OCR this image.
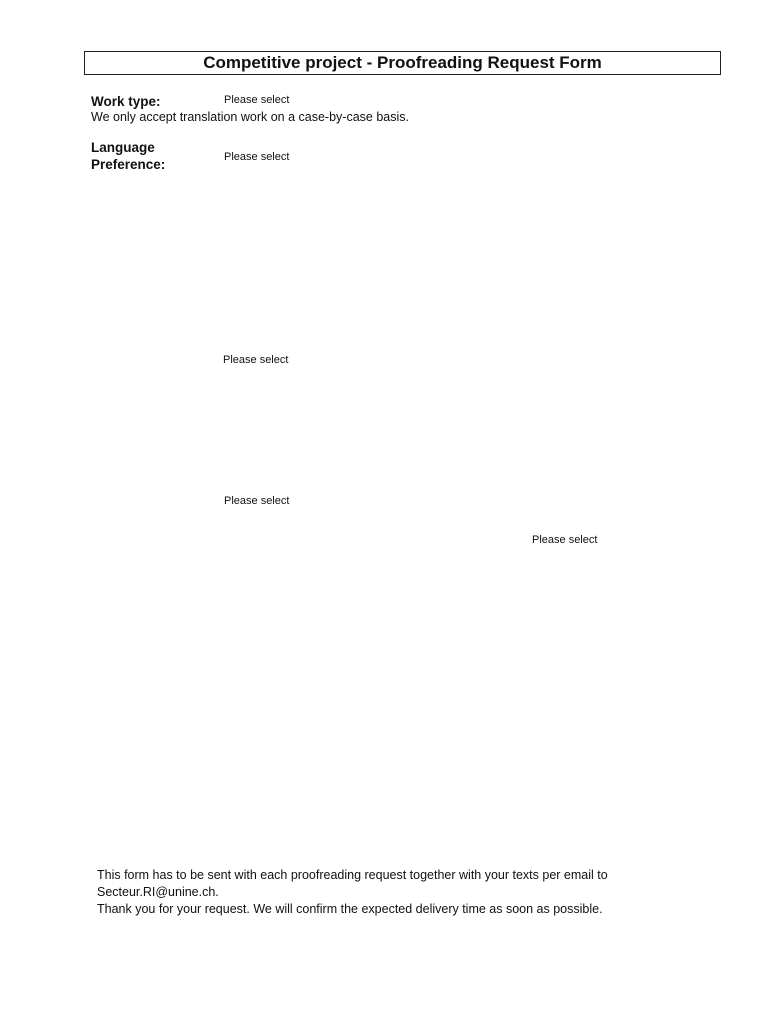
Competitive project - Proofreading Request Form
Work type:	Please select
We only accept translation work on a case-by-case basis.
Language
Preference:	Please select
Please select
Please select
Please select
This form has to be sent with each proofreading request together with your texts per email to
Secteur.RI@unine.ch.
Thank you for your request. We will confirm the expected delivery time as soon as possible.
